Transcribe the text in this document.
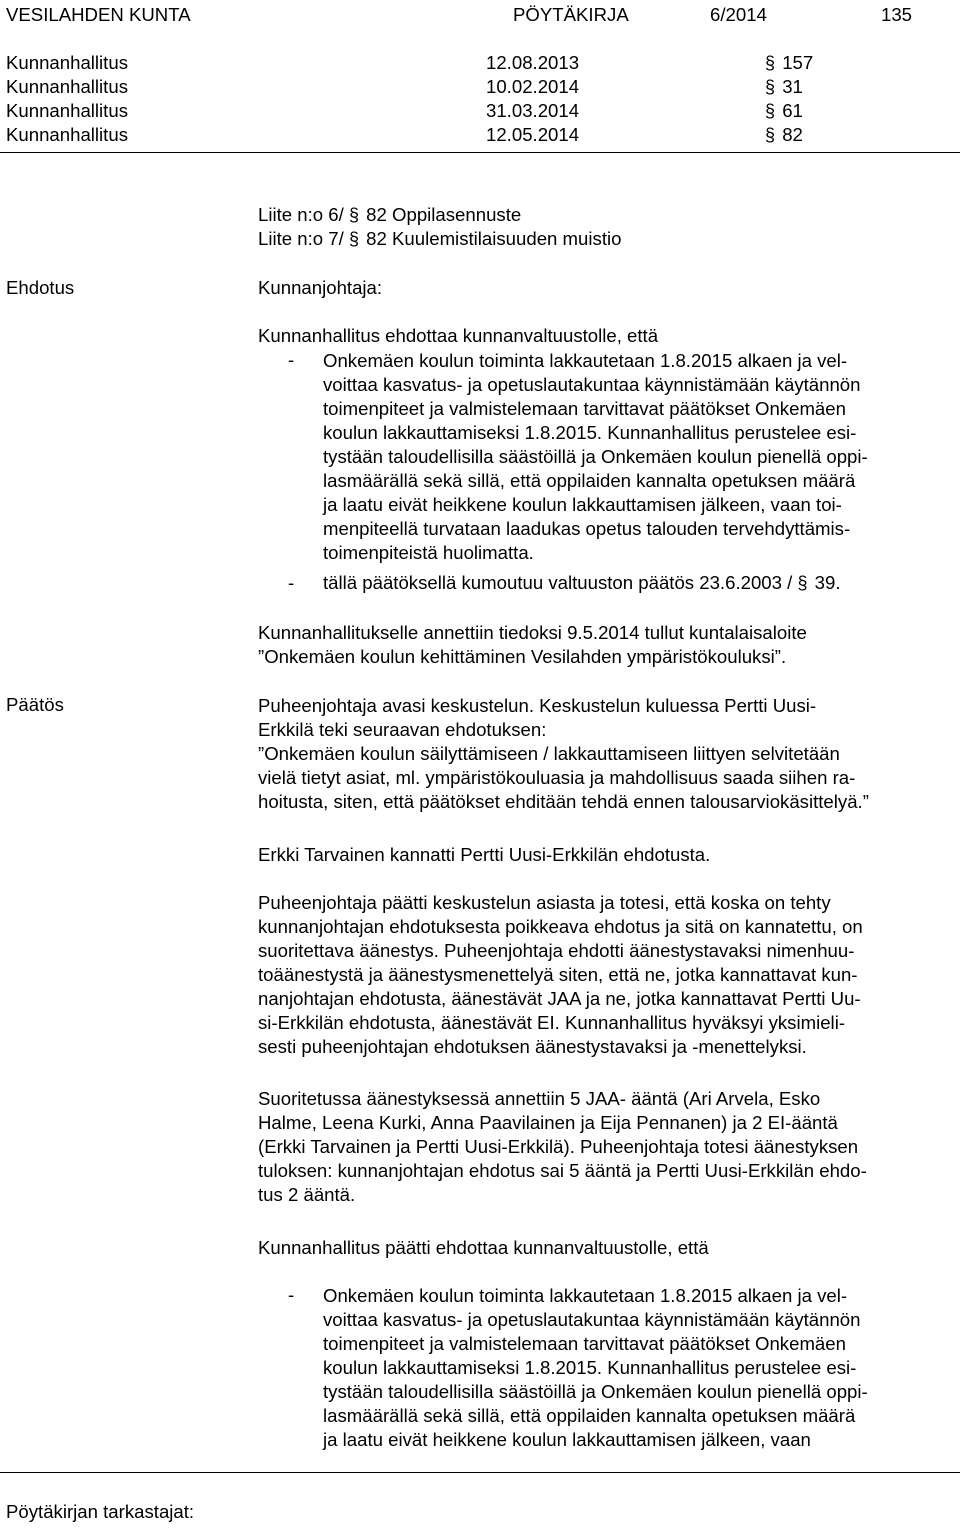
VESILAHDEN KUNTA	PÖYTÄKIRJA	6/2014	135
Kunnanhallitus	12.08.2013	§ 157
Kunnanhallitus	10.02.2014	§ 31
Kunnanhallitus	31.03.2014	§ 61
Kunnanhallitus	12.05.2014	§ 82
Liite n:o 6/ § 82 Oppilasennuste
Liite n:o 7/ § 82 Kuulemistilaisuuden muistio
Ehdotus	Kunnanjohtaja:
Kunnanhallitus ehdottaa kunnanvaltuustolle, että
- Onkemäen koulun toiminta lakkautetaan 1.8.2015 alkaen ja vel-
voittaa kasvatus- ja opetuslautakuntaa käynnistämään käytännön
toimenpiteet ja valmistelemaan tarvittavat päätökset Onkemäen
koulun lakkauttamiseksi 1.8.2015. Kunnanhallitus perustelee esi-
tystään taloudellisilla säästöillä ja Onkemäen koulun pienellä oppi-
lasmäärällä sekä sillä, että oppilaiden kannalta opetuksen määrä
ja laatu eivät heikkene koulun lakkauttamisen jälkeen, vaan toi-
menpiteellä turvataan laadukas opetus talouden tervehdyttämis-
toimenpiteistä huolimatta.
- tällä päätöksellä kumoutuu valtuuston päätös 23.6.2003 / § 39.
Kunnanhallitukselle annettiin tiedoksi 9.5.2014 tullut kuntalaisaloite
”Onkemäen koulun kehittäminen Vesilahden ympäristökouluksi”.
Päätös	Puheenjohtaja avasi keskustelun. Keskustelun kuluessa Pertti Uusi-
Erkkilä teki seuraavan ehdotuksen:
”Onkemäen koulun säilyttämiseen / lakkauttamiseen liittyen selvitetään
vielä tietyt asiat, ml. ympäristökouluasia ja mahdollisuus saada siihen ra-
hoitusta, siten, että päätökset ehditään tehdä ennen talousarviokäsittelyä.”
Erkki Tarvainen kannatti Pertti Uusi-Erkkilän ehdotusta.
Puheenjohtaja päätti keskustelun asiasta ja totesi, että koska on tehty
kunnanjohtajan ehdotuksesta poikkeava ehdotus ja sitä on kannatettu, on
suoritettava äänestys. Puheenjohtaja ehdotti äänestystavaksi nimenhuu-
toäänestystä ja äänestysmenettelyä siten, että ne, jotka kannattavat kun-
nanjohtajan ehdotusta, äänestävät JAA ja ne, jotka kannattavat Pertti Uu-
si-Erkkilän ehdotusta, äänestävät EI. Kunnanhallitus hyväksyi yksimieli-
sesti puheenjohtajan ehdotuksen äänestystavaksi ja -menettelyksi.
Suoritetussa äänestyksessä annettiin 5 JAA- ääntä (Ari Arvela, Esko
Halme, Leena Kurki, Anna Paavilainen ja Eija Pennanen) ja 2 EI-ääntä
(Erkki Tarvainen ja Pertti Uusi-Erkkilä). Puheenjohtaja totesi äänestyksen
tuloksen: kunnanjohtajan ehdotus sai 5 ääntä ja Pertti Uusi-Erkkilän ehdo-
tus 2 ääntä.
Kunnanhallitus päätti ehdottaa kunnanvaltuustolle, että
- Onkemäen koulun toiminta lakkautetaan 1.8.2015 alkaen ja vel-
voittaa kasvatus- ja opetuslautakuntaa käynnistämään käytännön
toimenpiteet ja valmistelemaan tarvittavat päätökset Onkemäen
koulun lakkauttamiseksi 1.8.2015. Kunnanhallitus perustelee esi-
tystään taloudellisilla säästöillä ja Onkemäen koulun pienellä oppi-
lasmäärällä sekä sillä, että oppilaiden kannalta opetuksen määrä
ja laatu eivät heikkene koulun lakkauttamisen jälkeen, vaan
Pöytäkirjan tarkastajat:
